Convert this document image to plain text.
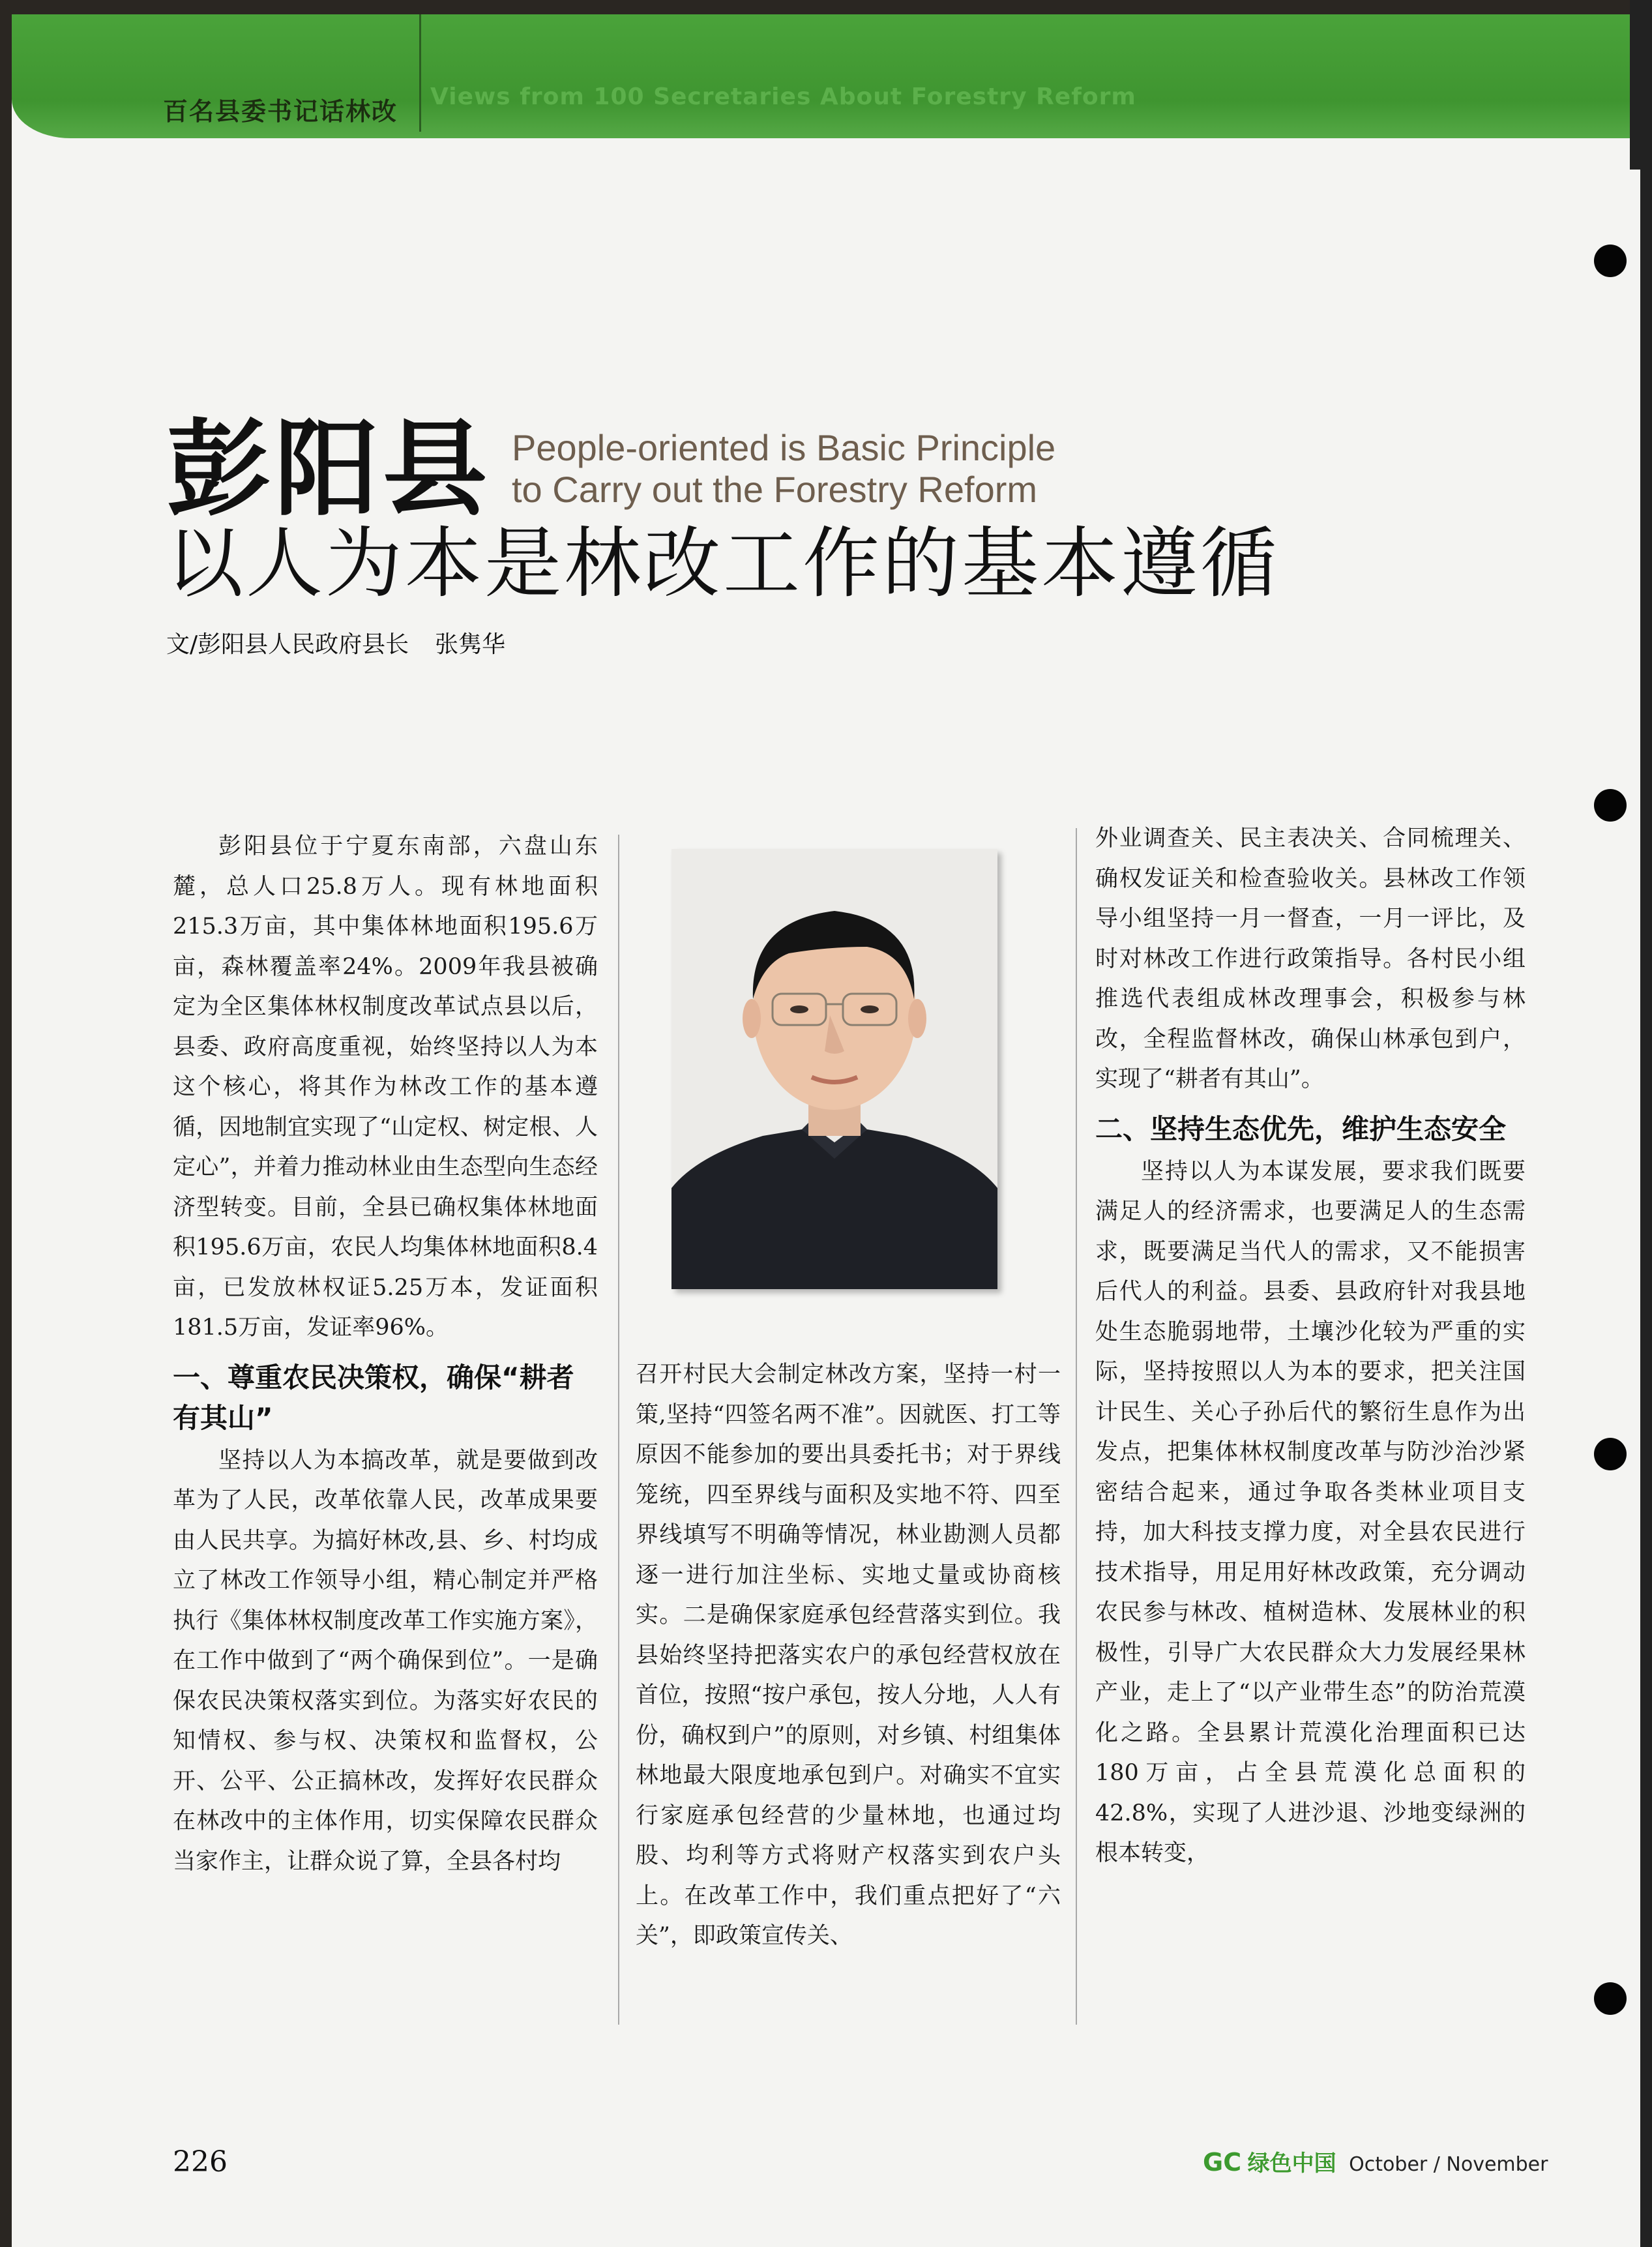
百名县委书记话林改
Views from 100 Secretaries About Forestry Reform
彭阳县 People-oriented is Basic Principle
to Carry out the Forestry Reform
以人为本是林改工作的基本遵循
文/彭阳县人民政府县长 张隽华

彭阳县位于宁夏东南部，六盘山东麓，总人口25.8万人。现有林地面积215.3万亩，其中集体林地面积195.6万亩，森林覆盖率24%。2009年我县被确定为全区集体林权制度改革试点县以后，县委、政府高度重视，始终坚持以人为本这个核心，将其作为林改工作的基本遵循，因地制宜实现了“山定权、树定根、人定心”，并着力推动林业由生态型向生态经济型转变。目前，全县已确权集体林地面积195.6万亩，农民人均集体林地面积8.4亩，已发放林权证5.25万本，发证面积181.5万亩，发证率96%。

一、尊重农民决策权，确保“耕者有其山”

坚持以人为本搞改革，就是要做到改革为了人民，改革依靠人民，改革成果要由人民共享。为搞好林改,县、乡、村均成立了林改工作领导小组，精心制定并严格执行《集体林权制度改革工作实施方案》，在工作中做到了“两个确保到位”。一是确保农民决策权落实到位。为落实好农民的知情权、参与权、决策权和监督权，公开、公平、公正搞林改，发挥好农民群众在林改中的主体作用，切实保障农民群众当家作主，让群众说了算，全县各村均

召开村民大会制定林改方案，坚持一村一策,坚持“四签名两不准”。因就医、打工等原因不能参加的要出具委托书；对于界线笼统，四至界线与面积及实地不符、四至界线填写不明确等情况，林业勘测人员都逐一进行加注坐标、实地丈量或协商核实。二是确保家庭承包经营落实到位。我县始终坚持把落实农户的承包经营权放在首位，按照“按户承包，按人分地，人人有份，确权到户”的原则，对乡镇、村组集体林地最大限度地承包到户。对确实不宜实行家庭承包经营的少量林地，也通过均股、均利等方式将财产权落实到农户头上。在改革工作中，我们重点把好了“六关”，即政策宣传关、

外业调查关、民主表决关、合同梳理关、确权发证关和检查验收关。县林改工作领导小组坚持一月一督查，一月一评比，及时对林改工作进行政策指导。各村民小组推选代表组成林改理事会，积极参与林改，全程监督林改，确保山林承包到户，实现了“耕者有其山”。

二、坚持生态优先，维护生态安全

坚持以人为本谋发展，要求我们既要满足人的经济需求，也要满足人的生态需求，既要满足当代人的需求，又不能损害后代人的利益。县委、县政府针对我县地处生态脆弱地带，土壤沙化较为严重的实际，坚持按照以人为本的要求，把关注国计民生、关心子孙后代的繁衍生息作为出发点，把集体林权制度改革与防沙治沙紧密结合起来，通过争取各类林业项目支持，加大科技支撑力度，对全县农民进行技术指导，用足用好林改政策，充分调动农民参与林改、植树造林、发展林业的积极性，引导广大农民群众大力发展经果林产业，走上了“以产业带生态”的防治荒漠化之路。全县累计荒漠化治理面积已达180万亩，占全县荒漠化总面积的42.8%，实现了人进沙退、沙地变绿洲的根本转变，

226	GC 绿色中国 October / November
